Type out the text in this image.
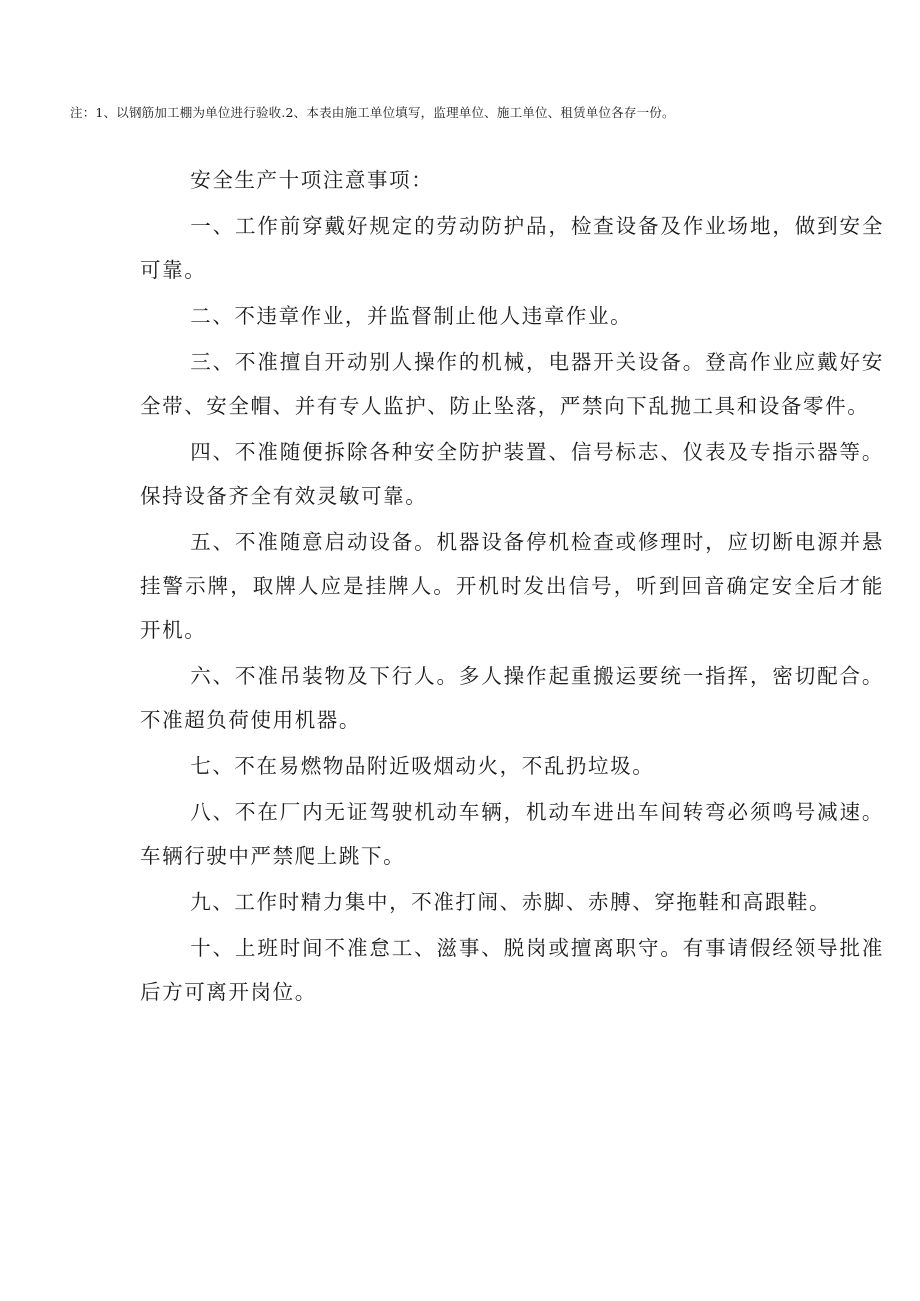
注：1、以钢筋加工棚为单位进行验收.2、本表由施工单位填写，监理单位、施工单位、租赁单位各存一份。

安全生产十项注意事项：

一、工作前穿戴好规定的劳动防护品，检查设备及作业场地，做到安全可靠。

二、不违章作业，并监督制止他人违章作业。

三、不准擅自开动别人操作的机械，电器开关设备。登高作业应戴好安全带、安全帽、并有专人监护、防止坠落，严禁向下乱抛工具和设备零件。

四、不准随便拆除各种安全防护装置、信号标志、仪表及专指示器等。保持设备齐全有效灵敏可靠。

五、不准随意启动设备。机器设备停机检查或修理时，应切断电源并悬挂警示牌，取牌人应是挂牌人。开机时发出信号，听到回音确定安全后才能开机。

六、不准吊装物及下行人。多人操作起重搬运要统一指挥，密切配合。不准超负荷使用机器。

七、不在易燃物品附近吸烟动火，不乱扔垃圾。

八、不在厂内无证驾驶机动车辆，机动车进出车间转弯必须鸣号减速。车辆行驶中严禁爬上跳下。

九、工作时精力集中，不准打闹、赤脚、赤膊、穿拖鞋和高跟鞋。

十、上班时间不准怠工、滋事、脱岗或擅离职守。有事请假经领导批准后方可离开岗位。
